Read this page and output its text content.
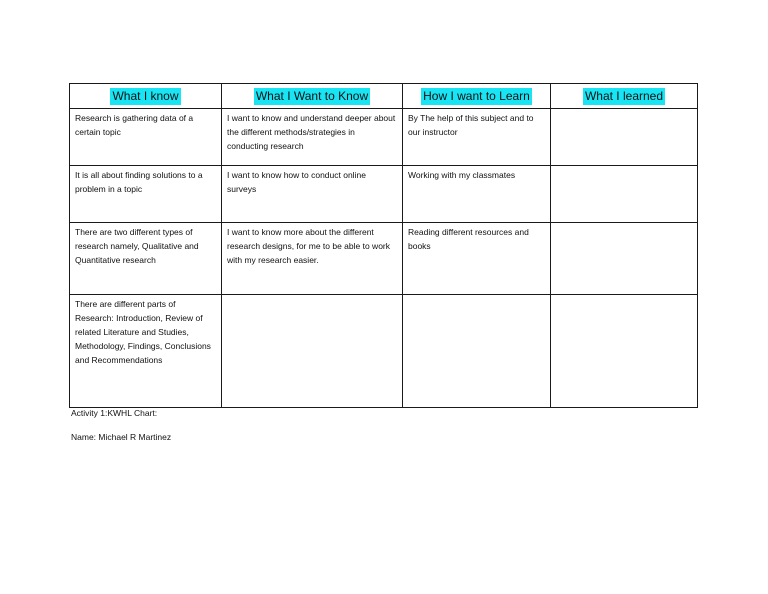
What I know	What I Want to Know	How I want to Learn	What I learned

Research is gathering data of a certain topic	I want to know and understand deeper about the different methods/strategies in conducting research	By The help of this subject and to our instructor	

It is all about finding solutions to a problem in a topic	I want to know how to conduct online surveys	Working with my classmates	

There are two different types of research namely, Qualitative and Quantitative research	I want to know more about the different research designs, for me to be able to work with my research easier.	Reading different resources and books	

There are different parts of Research: Introduction, Review of related Literature and Studies, Methodology, Findings, Conclusions and Recommendations			

Activity 1:KWHL Chart:
Name: Michael R Martinez
